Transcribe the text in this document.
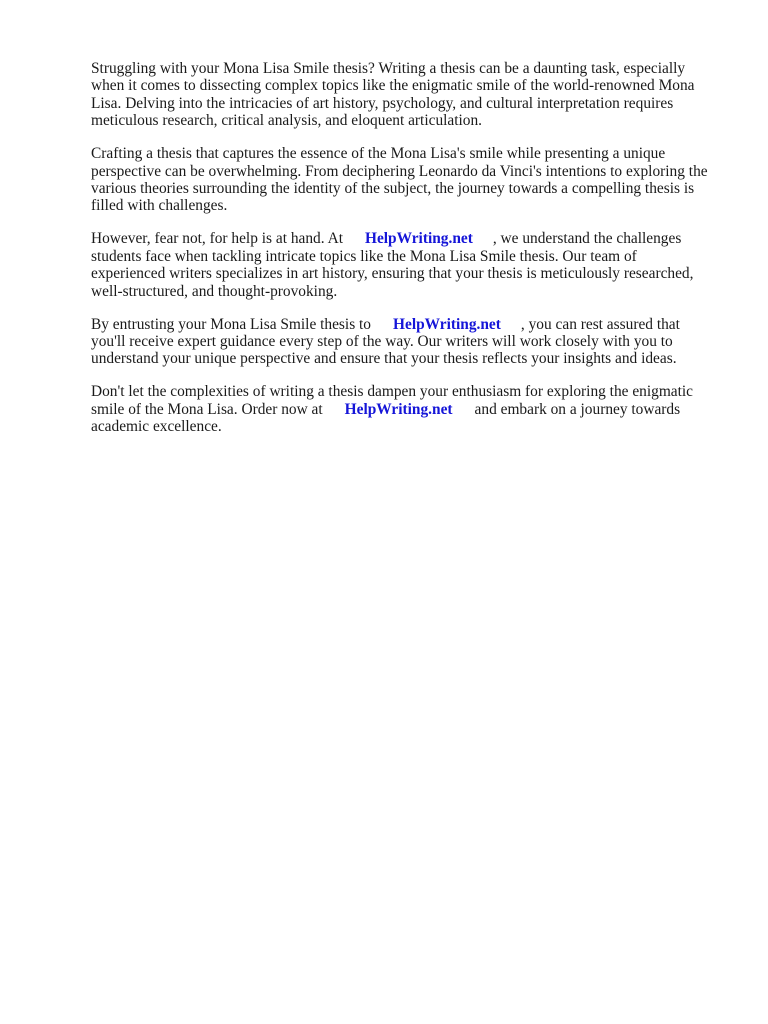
Struggling with your Mona Lisa Smile thesis? Writing a thesis can be a daunting task, especially
when it comes to dissecting complex topics like the enigmatic smile of the world-renowned Mona
Lisa. Delving into the intricacies of art history, psychology, and cultural interpretation requires
meticulous research, critical analysis, and eloquent articulation.

Crafting a thesis that captures the essence of the Mona Lisa's smile while presenting a unique
perspective can be overwhelming. From deciphering Leonardo da Vinci's intentions to exploring the
various theories surrounding the identity of the subject, the journey towards a compelling thesis is
filled with challenges.

However, fear not, for help is at hand. At HelpWriting.net , we understand the challenges
students face when tackling intricate topics like the Mona Lisa Smile thesis. Our team of
experienced writers specializes in art history, ensuring that your thesis is meticulously researched,
well-structured, and thought-provoking.

By entrusting your Mona Lisa Smile thesis to HelpWriting.net , you can rest assured that
you'll receive expert guidance every step of the way. Our writers will work closely with you to
understand your unique perspective and ensure that your thesis reflects your insights and ideas.

Don't let the complexities of writing a thesis dampen your enthusiasm for exploring the enigmatic
smile of the Mona Lisa. Order now at HelpWriting.net and embark on a journey towards
academic excellence.
